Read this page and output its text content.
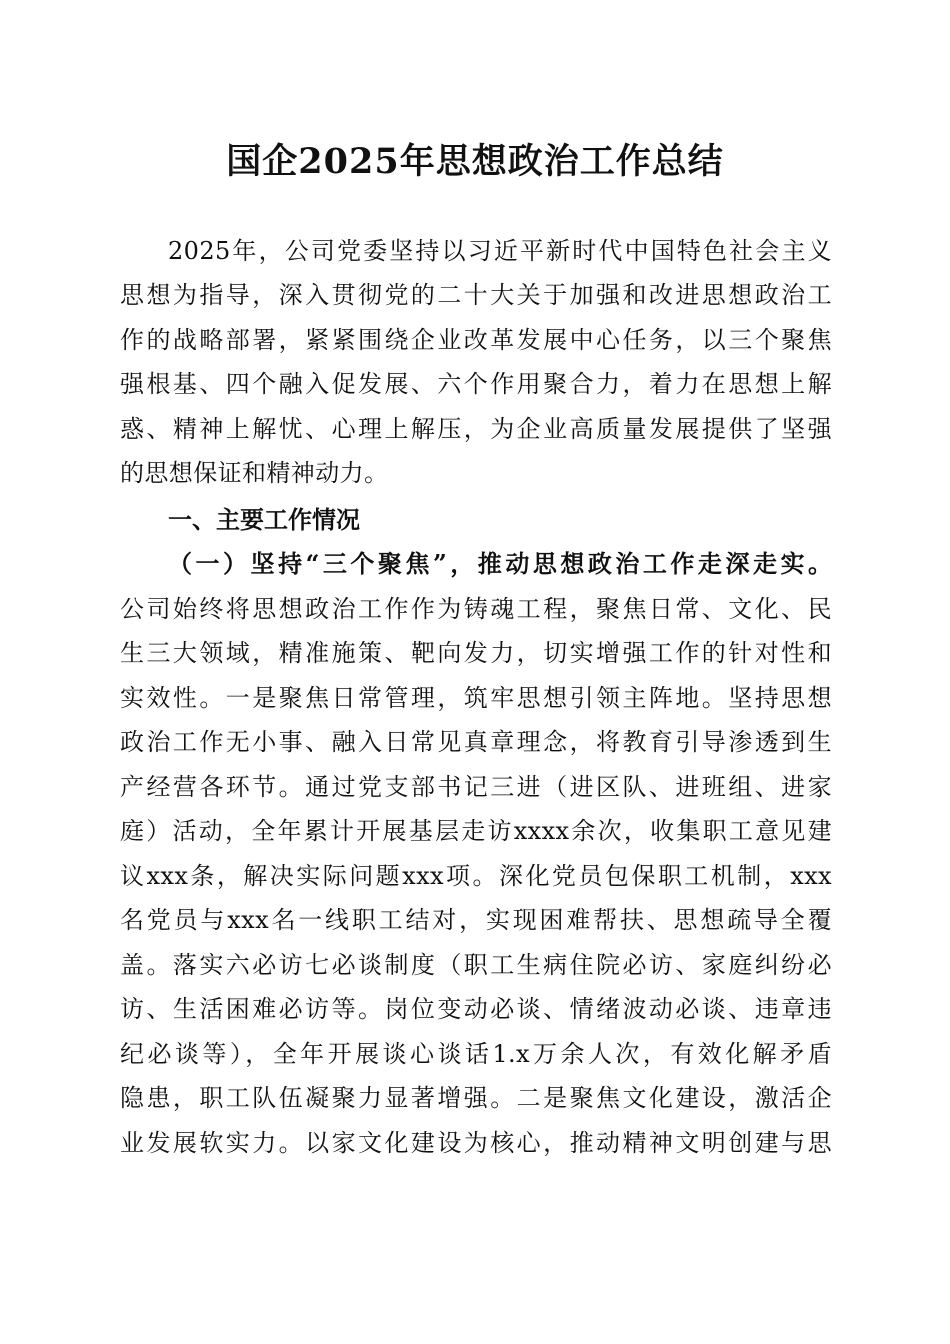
国企2025年思想政治工作总结

2025年，公司党委坚持以习近平新时代中国特色社会主义

思想为指导，深入贯彻党的二十大关于加强和改进思想政治工

作的战略部署，紧紧围绕企业改革发展中心任务，以三个聚焦

强根基、四个融入促发展、六个作用聚合力，着力在思想上解

惑、精神上解忧、心理上解压，为企业高质量发展提供了坚强

的思想保证和精神动力。

一、主要工作情况
（一）坚持“三个聚焦”，推动思想政治工作走深走实。

公司始终将思想政治工作作为铸魂工程，聚焦日常、文化、民

生三大领域，精准施策、靶向发力，切实增强工作的针对性和

实效性。一是聚焦日常管理，筑牢思想引领主阵地。坚持思想

政治工作无小事、融入日常见真章理念，将教育引导渗透到生

产经营各环节。通过党支部书记三进（进区队、进班组、进家

庭）活动，全年累计开展基层走访xxxx余次，收集职工意见建

议xxx条，解决实际问题xxx项。深化党员包保职工机制，xxx

名党员与xxx名一线职工结对，实现困难帮扶、思想疏导全覆

盖。落实六必访七必谈制度（职工生病住院必访、家庭纠纷必

访、生活困难必访等。岗位变动必谈、情绪波动必谈、违章违

纪必谈等），全年开展谈心谈话1.x万余人次，有效化解矛盾

隐患，职工队伍凝聚力显著增强。二是聚焦文化建设，激活企

业发展软实力。以家文化建设为核心，推动精神文明创建与思
